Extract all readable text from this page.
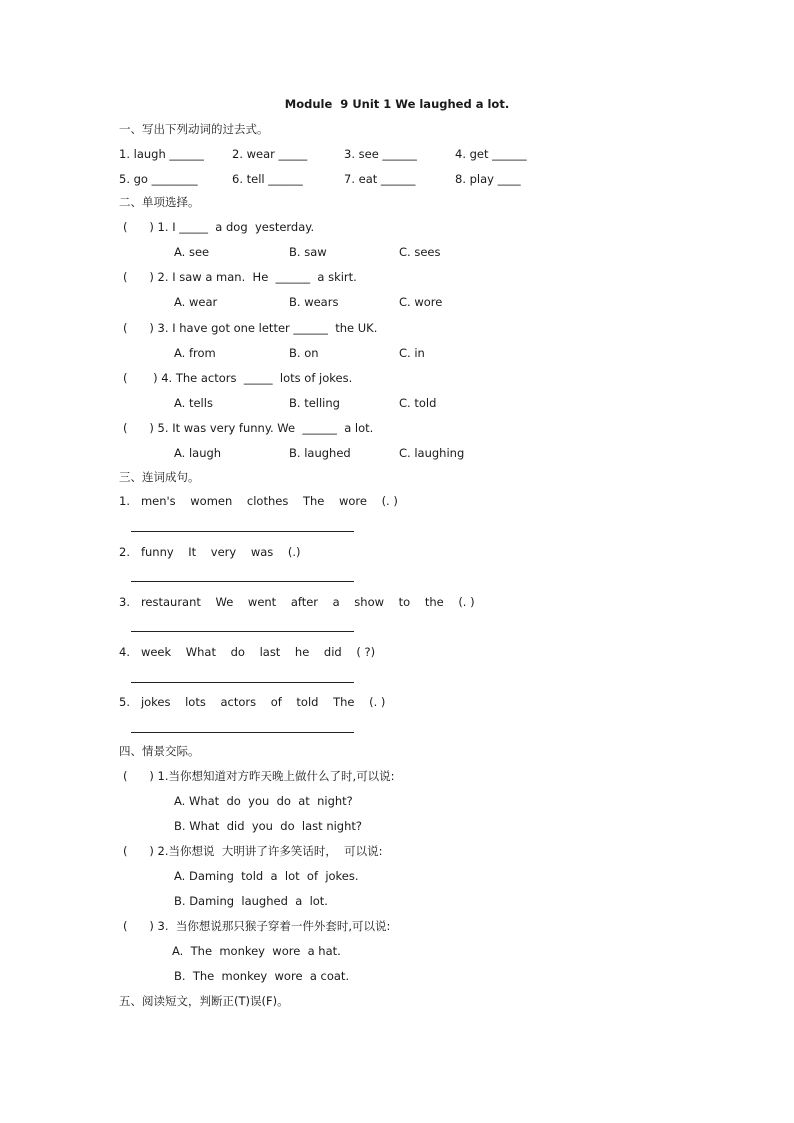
Module  9 Unit 1 We laughed a lot.
一、写出下列动词的过去式。
1. laugh ______ 2. wear _____	3. see ______	4. get ______
5. go ________	6. tell ______	7. eat ______	8. play ____
二、单项选择。
(      ) 1. I _____  a dog  yesterday.
A. see	B. saw	C. sees
(      ) 2. I saw a man.  He  ______  a skirt.
A. wear	B. wears	C. wore
(      ) 3. I have got one letter ______  the UK.
A. from	B. on	C. in
(       ) 4. The actors  _____  lots of jokes.
A. tells	B. telling	C. told
(      ) 5. It was very funny. We  ______  a lot.
A. laugh	B. laughed	C. laughing
三、连词成句。
1.   men's    women    clothes    The    wore    (. )
2.   funny    It    very    was    (.)
3.   restaurant    We    went    after    a    show    to    the    (. )
4.   week    What    do    last    he    did    ( ?)
5.   jokes    lots    actors    of    told    The    (. )
四、情景交际。
(      ) 1.当你想知道对方昨天晚上做什么了时,可以说:
A. What  do  you  do  at  night?
B. What  did  you  do  last night?
(      ) 2.当你想说  大明讲了许多笑话时，  可以说:
A. Daming  told  a  lot  of  jokes.
B. Daming  laughed  a  lot.
(      ) 3.  当你想说那只猴子穿着一件外套时,可以说:
A.  The  monkey  wore  a hat.
B.  The  monkey  wore  a coat.
五、阅读短文，判断正(T)误(F)。
